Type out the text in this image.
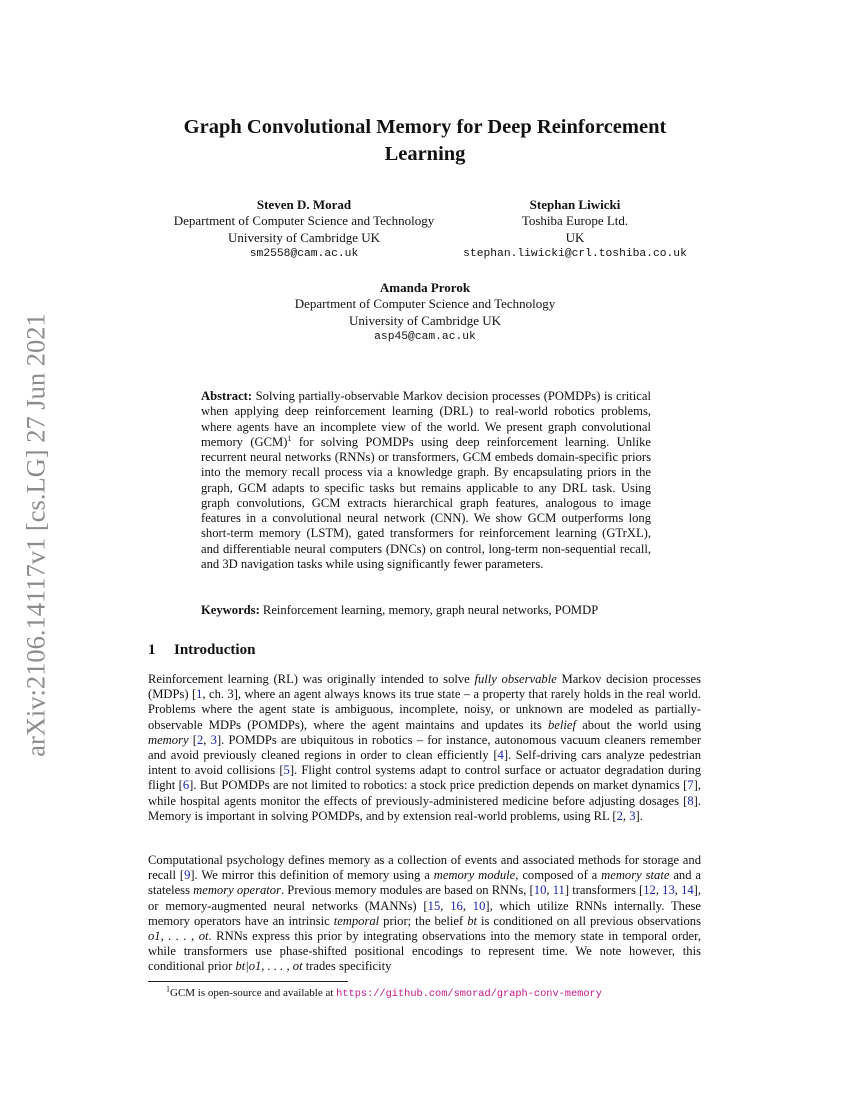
arXiv:2106.14117v1 [cs.LG] 27 Jun 2021
Graph Convolutional Memory for Deep Reinforcement Learning
Steven D. Morad
Department of Computer Science and Technology
University of Cambridge UK
sm2558@cam.ac.uk
Stephan Liwicki
Toshiba Europe Ltd.
UK
stephan.liwicki@crl.toshiba.co.uk
Amanda Prorok
Department of Computer Science and Technology
University of Cambridge UK
asp45@cam.ac.uk
Abstract: Solving partially-observable Markov decision processes (POMDPs) is critical when applying deep reinforcement learning (DRL) to real-world robotics problems, where agents have an incomplete view of the world. We present graph convolutional memory (GCM)$^1$ for solving POMDPs using deep reinforcement learning. Unlike recurrent neural networks (RNNs) or transformers, GCM embeds domain-specific priors into the memory recall process via a knowledge graph. By encapsulating priors in the graph, GCM adapts to specific tasks but remains applicable to any DRL task. Using graph convolutions, GCM extracts hierarchical graph features, analogous to image features in a convolutional neural network (CNN). We show GCM outperforms long short-term memory (LSTM), gated transformers for reinforcement learning (GTrXL), and differentiable neural computers (DNCs) on control, long-term non-sequential recall, and 3D navigation tasks while using significantly fewer parameters.
Keywords: Reinforcement learning, memory, graph neural networks, POMDP
1 Introduction

Reinforcement learning (RL) was originally intended to solve fully observable Markov decision processes (MDPs) [1, ch. 3], where an agent always knows its true state – a property that rarely holds in the real world. Problems where the agent state is ambiguous, incomplete, noisy, or unknown are modeled as partially-observable MDPs (POMDPs), where the agent maintains and updates its belief about the world using memory [2, 3]. POMDPs are ubiquitous in robotics – for instance, autonomous vacuum cleaners remember and avoid previously cleaned regions in order to clean efficiently [4]. Self-driving cars analyze pedestrian intent to avoid collisions [5]. Flight control systems adapt to control surface or actuator degradation during flight [6]. But POMDPs are not limited to robotics: a stock price prediction depends on market dynamics [7], while hospital agents monitor the effects of previously-administered medicine before adjusting dosages [8]. Memory is important in solving POMDPs, and by extension real-world problems, using RL [2, 3].

Computational psychology defines memory as a collection of events and associated methods for storage and recall [9]. We mirror this definition of memory using a memory module, composed of a memory state and a stateless memory operator. Previous memory modules are based on RNNs, [10, 11] transformers [12, 13, 14], or memory-augmented neural networks (MANNs) [15, 16, 10], which utilize RNNs internally. These memory operators have an intrinsic temporal prior; the belief bt is conditioned on all previous observations o1, . . . , ot. RNNs express this prior by integrating observations into the memory state in temporal order, while transformers use phase-shifted positional encodings to represent time. We note however, this conditional prior bt|o1, . . . , ot trades specificity

$^1$GCM is open-source and available at https://github.com/smorad/graph-conv-memory
